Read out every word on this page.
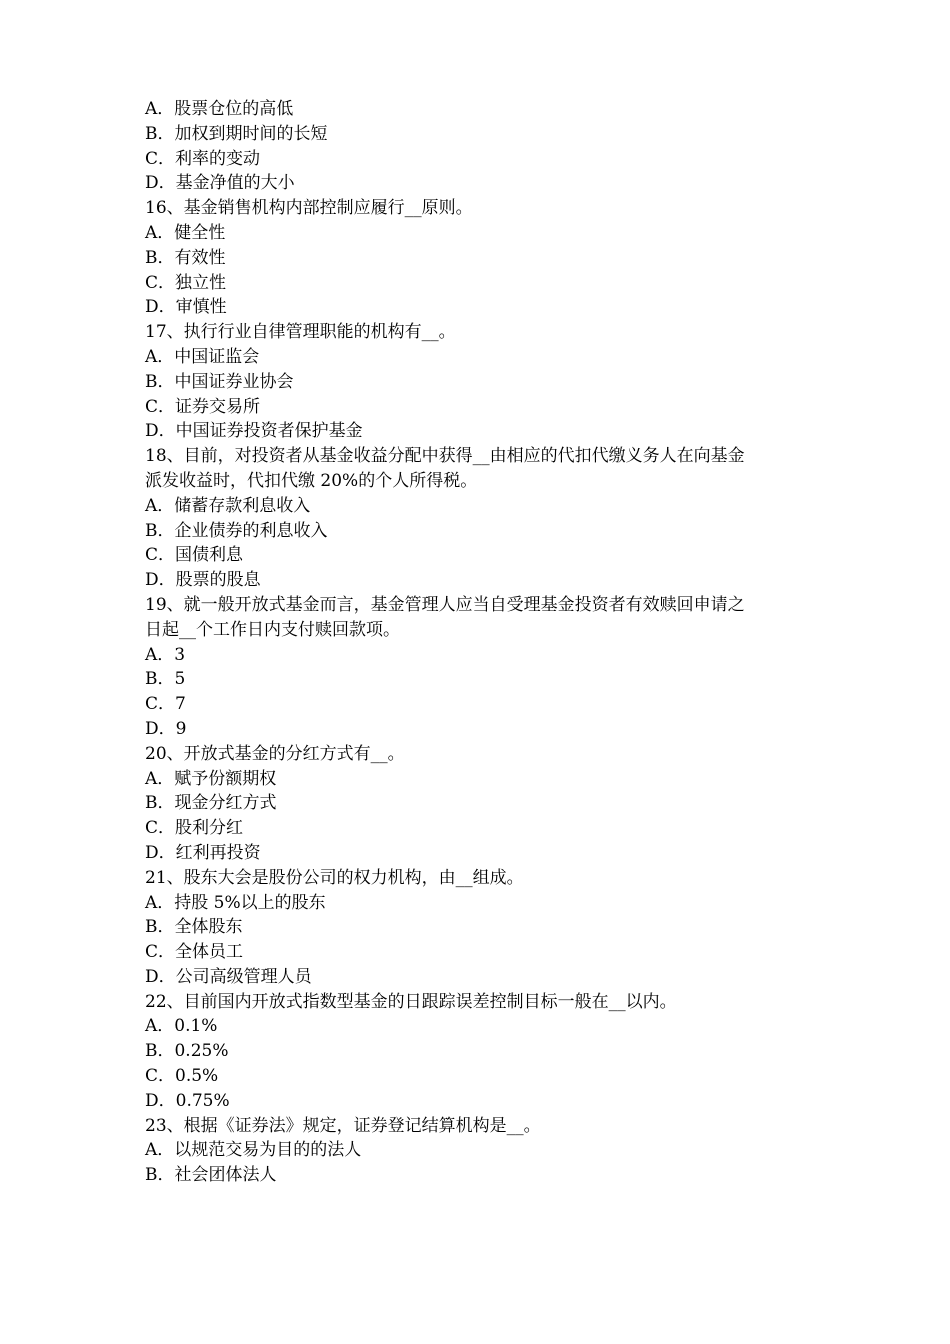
A．股票仓位的高低
B．加权到期时间的长短
C．利率的变动
D．基金净值的大小
16、基金销售机构内部控制应履行__原则。
A．健全性
B．有效性
C．独立性
D．审慎性
17、执行行业自律管理职能的机构有__。
A．中国证监会
B．中国证券业协会
C．证券交易所
D．中国证券投资者保护基金
18、目前，对投资者从基金收益分配中获得__由相应的代扣代缴义务人在向基金
派发收益时，代扣代缴 20%的个人所得税。
A．储蓄存款利息收入
B．企业债券的利息收入
C．国债利息
D．股票的股息
19、就一般开放式基金而言，基金管理人应当自受理基金投资者有效赎回申请之
日起__个工作日内支付赎回款项。
A．3
B．5
C．7
D．9
20、开放式基金的分红方式有__。
A．赋予份额期权
B．现金分红方式
C．股利分红
D．红利再投资
21、股东大会是股份公司的权力机构，由__组成。
A．持股 5%以上的股东
B．全体股东
C．全体员工
D．公司高级管理人员
22、目前国内开放式指数型基金的日跟踪误差控制目标一般在__以内。
A．0.1%
B．0.25%
C．0.5%
D．0.75%
23、根据《证券法》规定，证券登记结算机构是__。
A．以规范交易为目的的法人
B．社会团体法人
